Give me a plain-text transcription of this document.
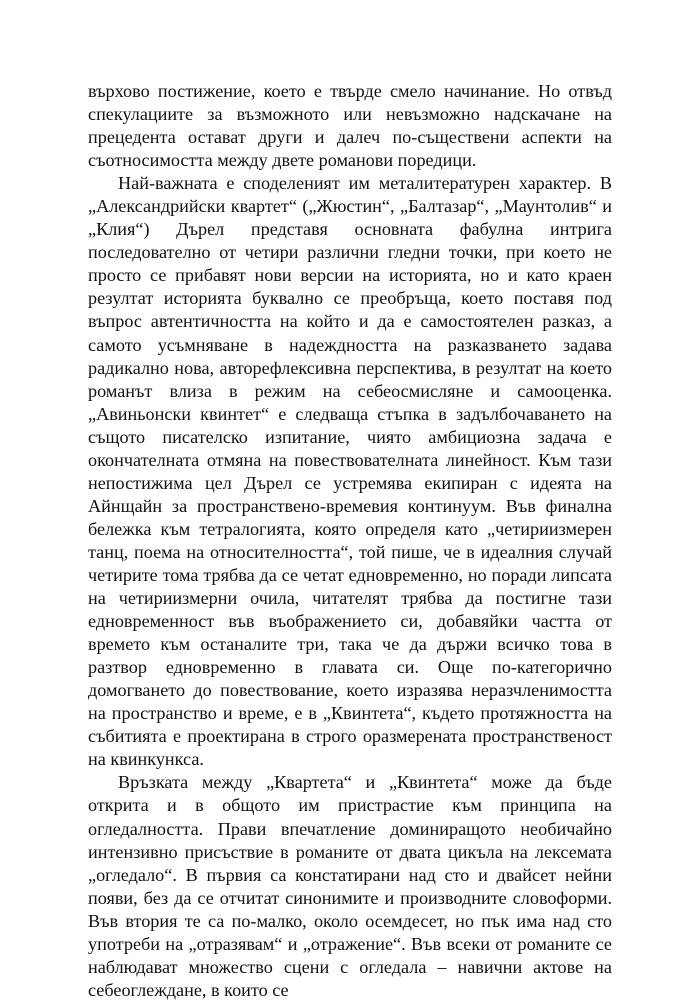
върхово постижение, което е твърде смело начинание. Но отвъд спекулациите за възможното или невъзможно надскачане на прецедента остават други и далеч по-съществени аспекти на съотносимостта между двете романови поредици.

Най-важната е споделеният им металитературен характер. В „Александрийски квартет“ („Жюстин“, „Балтазар“, „Маунтолив“ и „Клия“) Дърел представя основната фабулна интрига последователно от четири различни гледни точки, при което не просто се прибавят нови версии на историята, но и като краен резултат историята буквално се преобръща, което поставя под въпрос автентичността на който и да е самостоятелен разказ, а самото усъмняване в надеждността на разказването задава радикално нова, авторефлексивна перспектива, в резултат на което романът влиза в режим на себеосмисляне и самооценка. „Авиньонски квинтет“ е следваща стъпка в задълбочаването на същото писателско изпитание, чиято амбициозна задача е окончателната отмяна на повествователната линейност. Към тази непостижима цел Дърел се устремява екипиран с идеята на Айнщайн за пространствено-времевия континуум. Във финална бележка към тетралогията, която определя като „четириизмерен танц, поема на относителността“, той пише, че в идеалния случай четирите тома трябва да се четат едновременно, но поради липсата на четириизмерни очила, читателят трябва да постигне тази едновременност във въображението си, добавяйки частта от времето към останалите три, така че да държи всичко това в разтвор едновременно в главата си. Още по-категорично домогването до повествование, което изразява неразчленимостта на пространство и време, е в „Квинтета“, където протяжността на събитията е проектирана в строго оразмерената пространственост на квинкункса.

Връзката между „Квартета“ и „Квинтета“ може да бъде открита и в общото им пристрастие към принципа на огледалността. Прави впечатление доминиращото необичайно интензивно присъствие в романите от двата цикъла на лексемата „огледало“. В първия са констатирани над сто и двайсет нейни появи, без да се отчитат синонимите и производните словоформи. Във втория те са по-малко, около осемдесет, но пък има над сто употреби на „отразявам“ и „отражение“. Във всеки от романите се наблюдават множество сцени с огледала – навични актове на себеоглеждане, в които се
